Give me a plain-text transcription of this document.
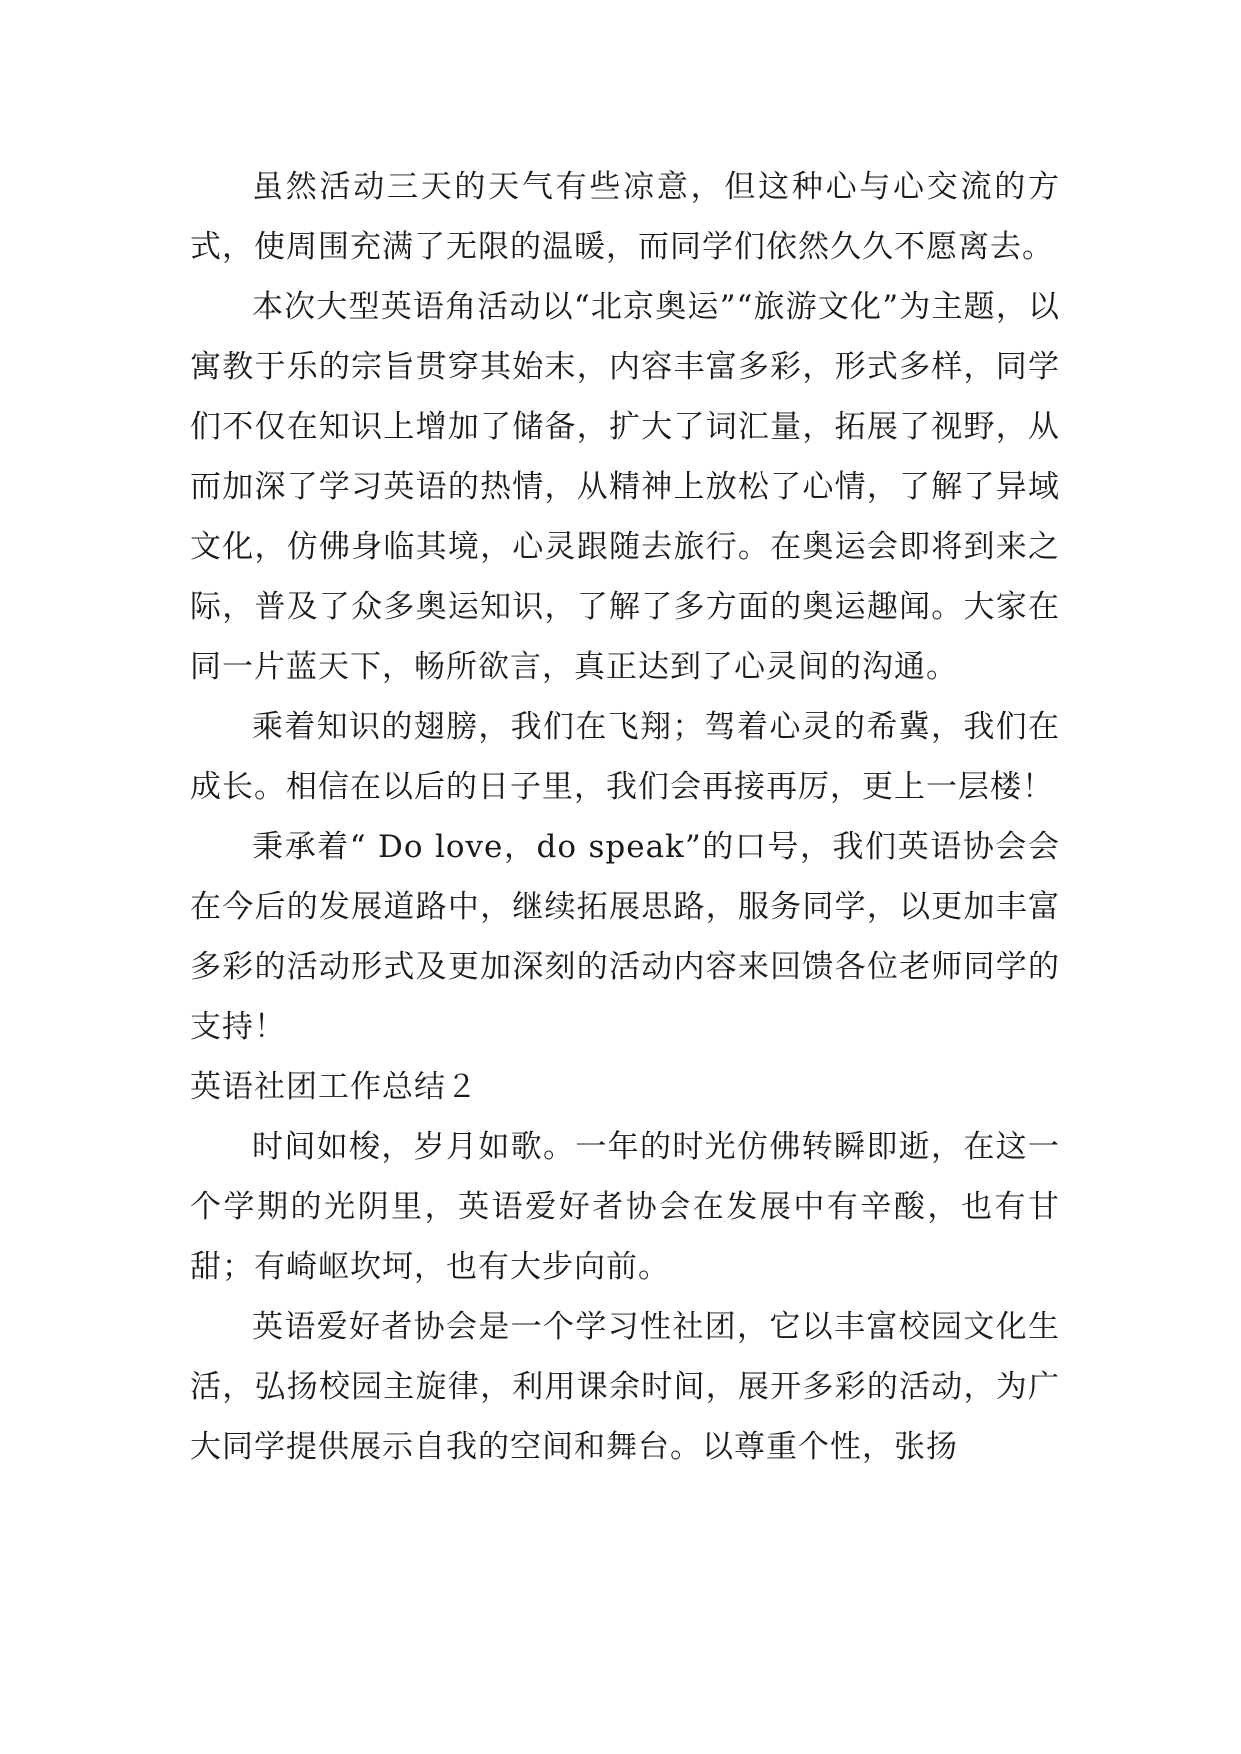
虽然活动三天的天气有些凉意，但这种心与心交流的方式，使周围充满了无限的温暖，而同学们依然久久不愿离去。

本次大型英语角活动以“北京奥运”“旅游文化”为主题，以寓教于乐的宗旨贯穿其始末，内容丰富多彩，形式多样，同学们不仅在知识上增加了储备，扩大了词汇量，拓展了视野，从而加深了学习英语的热情，从精神上放松了心情，了解了异域文化，仿佛身临其境，心灵跟随去旅行。在奥运会即将到来之际，普及了众多奥运知识，了解了多方面的奥运趣闻。大家在同一片蓝天下，畅所欲言，真正达到了心灵间的沟通。

乘着知识的翅膀，我们在飞翔；驾着心灵的希冀，我们在成长。相信在以后的日子里，我们会再接再厉，更上一层楼！

秉承着“ Do love，do speak”的口号，我们英语协会会在今后的发展道路中，继续拓展思路，服务同学，以更加丰富多彩的活动形式及更加深刻的活动内容来回馈各位老师同学的支持！

英语社团工作总结２

时间如梭，岁月如歌。一年的时光仿佛转瞬即逝，在这一个学期的光阴里，英语爱好者协会在发展中有辛酸，也有甘甜；有崎岖坎坷，也有大步向前。

英语爱好者协会是一个学习性社团，它以丰富校园文化生活，弘扬校园主旋律，利用课余时间，展开多彩的活动，为广大同学提供展示自我的空间和舞台。以尊重个性，张扬
